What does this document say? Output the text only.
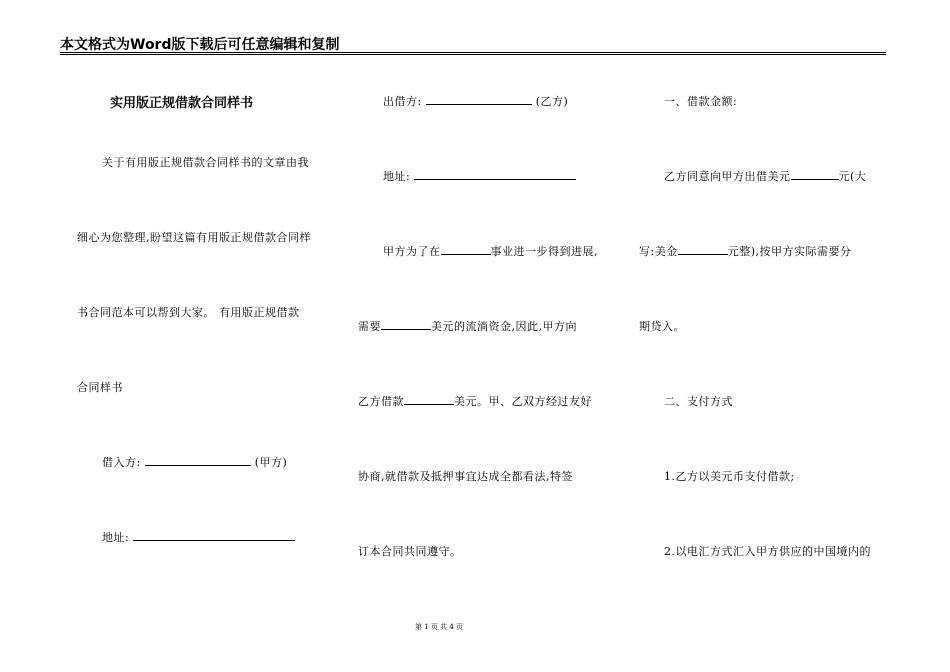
本文格式为Word版下载后可任意编辑和复制
实用版正规借款合同样书
关于有用版正规借款合同样书的文章由我
细心为您整理,盼望这篇有用版正规借款合同样
书合同范本可以帮到大家。 有用版正规借款
合同样书
借入方:	(甲方)
地址:
出借方:	(乙方)
地址:
甲方为了在	事业进一步得到进展,
需要	美元的流淌资金,因此,甲方向
乙方借款	美元。甲、乙双方经过友好
协商,就借款及抵押事宜达成全都看法,特签
订本合同共同遵守。
一、借款金额:
乙方同意向甲方出借美元	元(大
写:美金	元整),按甲方实际需要分
期贷入。
二、支付方式
1.乙方以美元币支付借款;
2.以电汇方式汇入甲方供应的中国境内的
第 1 页 共 4 页
